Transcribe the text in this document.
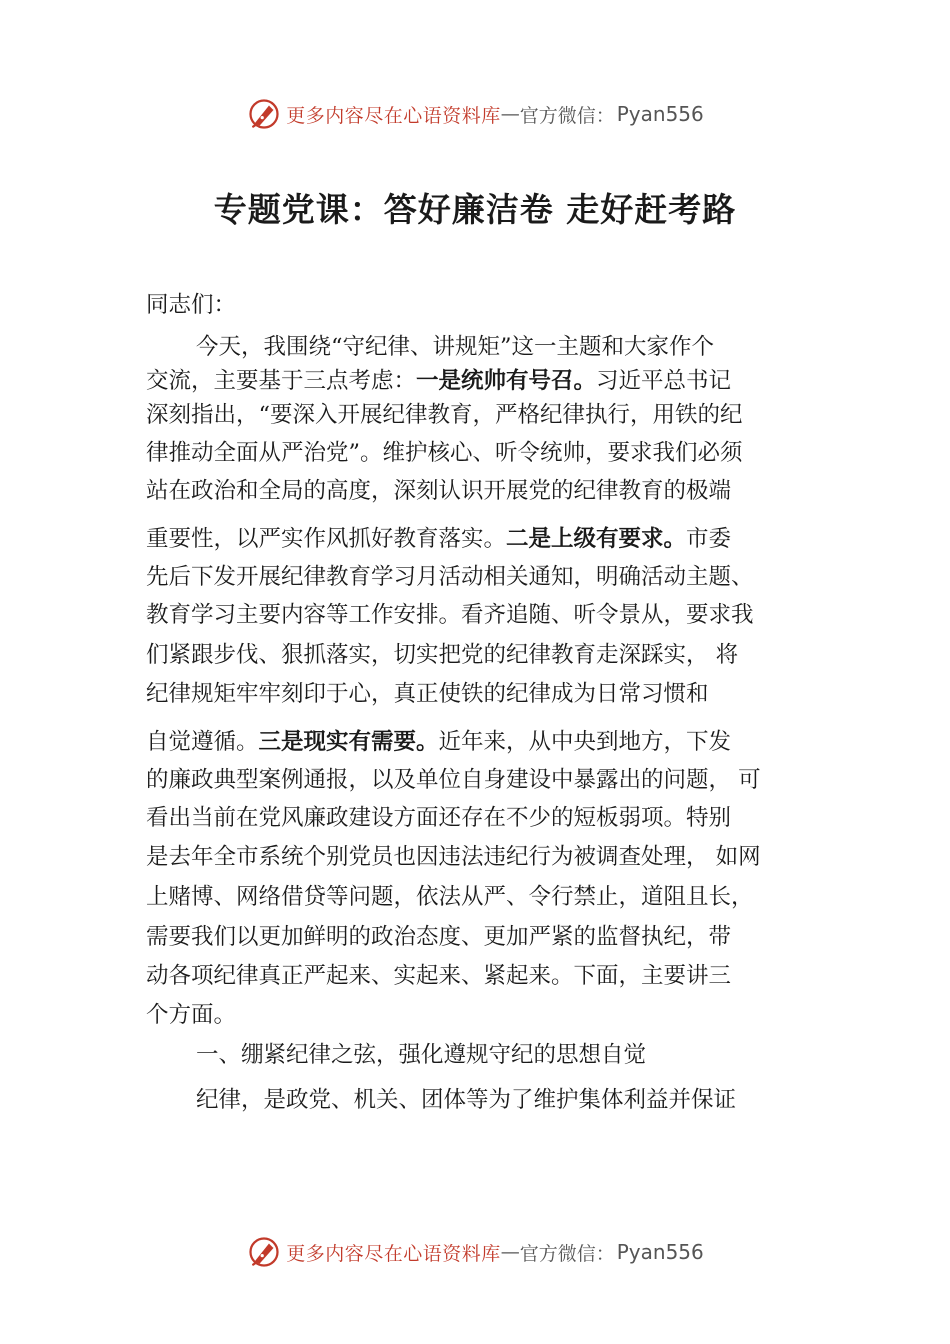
更多内容尽在心语资料库 — 官方微信： Pyan556
专题党课：答好廉洁卷 走好赶考路
同志们：
今天，我围绕“守纪律、讲规矩”这一主题和大家作个
交流，主要基于三点考虑：一是统帅有号召。习近平总书记
深刻指出，“要深入开展纪律教育，严格纪律执行，用铁的纪
律推动全面从严治党”。维护核心、听令统帅，要求我们必须
站在政治和全局的高度，深刻认识开展党的纪律教育的极端
重要性，以严实作风抓好教育落实。二是上级有要求。市委
先后下发开展纪律教育学习月活动相关通知，明确活动主题、
教育学习主要内容等工作安排。看齐追随、听令景从，要求我
们紧跟步伐、狠抓落实，切实把党的纪律教育走深踩实， 将
纪律规矩牢牢刻印于心，真正使铁的纪律成为日常习惯和
自觉遵循。三是现实有需要。近年来，从中央到地方，下发
的廉政典型案例通报，以及单位自身建设中暴露出的问题， 可
看出当前在党风廉政建设方面还存在不少的短板弱项。特别
是去年全市系统个别党员也因违法违纪行为被调查处理， 如网
上赌博、网络借贷等问题，依法从严、令行禁止，道阻且长，
需要我们以更加鲜明的政治态度、更加严紧的监督执纪，带
动各项纪律真正严起来、实起来、紧起来。下面，主要讲三
个方面。
一、绷紧纪律之弦，强化遵规守纪的思想自觉
纪律，是政党、机关、团体等为了维护集体利益并保证
更多内容尽在心语资料库 — 官方微信： Pyan556
